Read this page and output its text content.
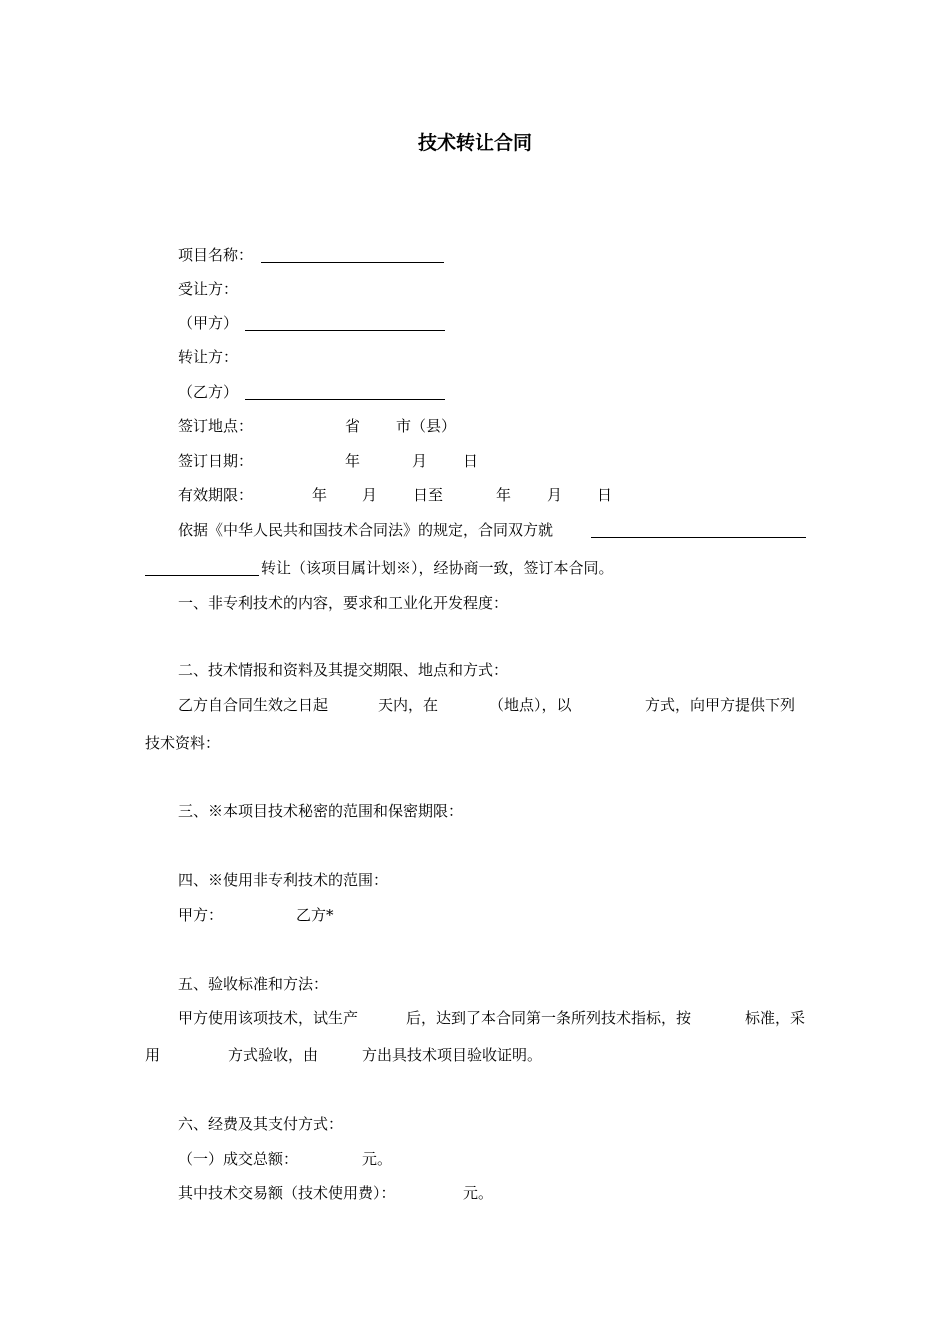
技术转让合同
项目名称：
受让方：
（甲方）
转让方：
（乙方）
签订地点：	省 市（县）
签订日期：	年	月 日
有效期限：	年 月 日至	年 月 日
依据《中华人民共和国技术合同法》的规定，合同双方就
转让（该项目属计划※），经协商一致，签订本合同。
一、非专利技术的内容，要求和工业化开发程度：
二、技术情报和资料及其提交期限、地点和方式：
乙方自合同生效之日起	天内，在	（地点），以	方式，向甲方提供下列
技术资料：
三、※本项目技术秘密的范围和保密期限：
四、※使用非专利技术的范围：
甲方：	乙方*
五、验收标准和方法：
甲方使用该项技术，试生产	后，达到了本合同第一条所列技术指标，按	标准，采
用	方式验收，由	方出具技术项目验收证明。
六、经费及其支付方式：
（一）成交总额：	元。
其中技术交易额（技术使用费）：	元。
